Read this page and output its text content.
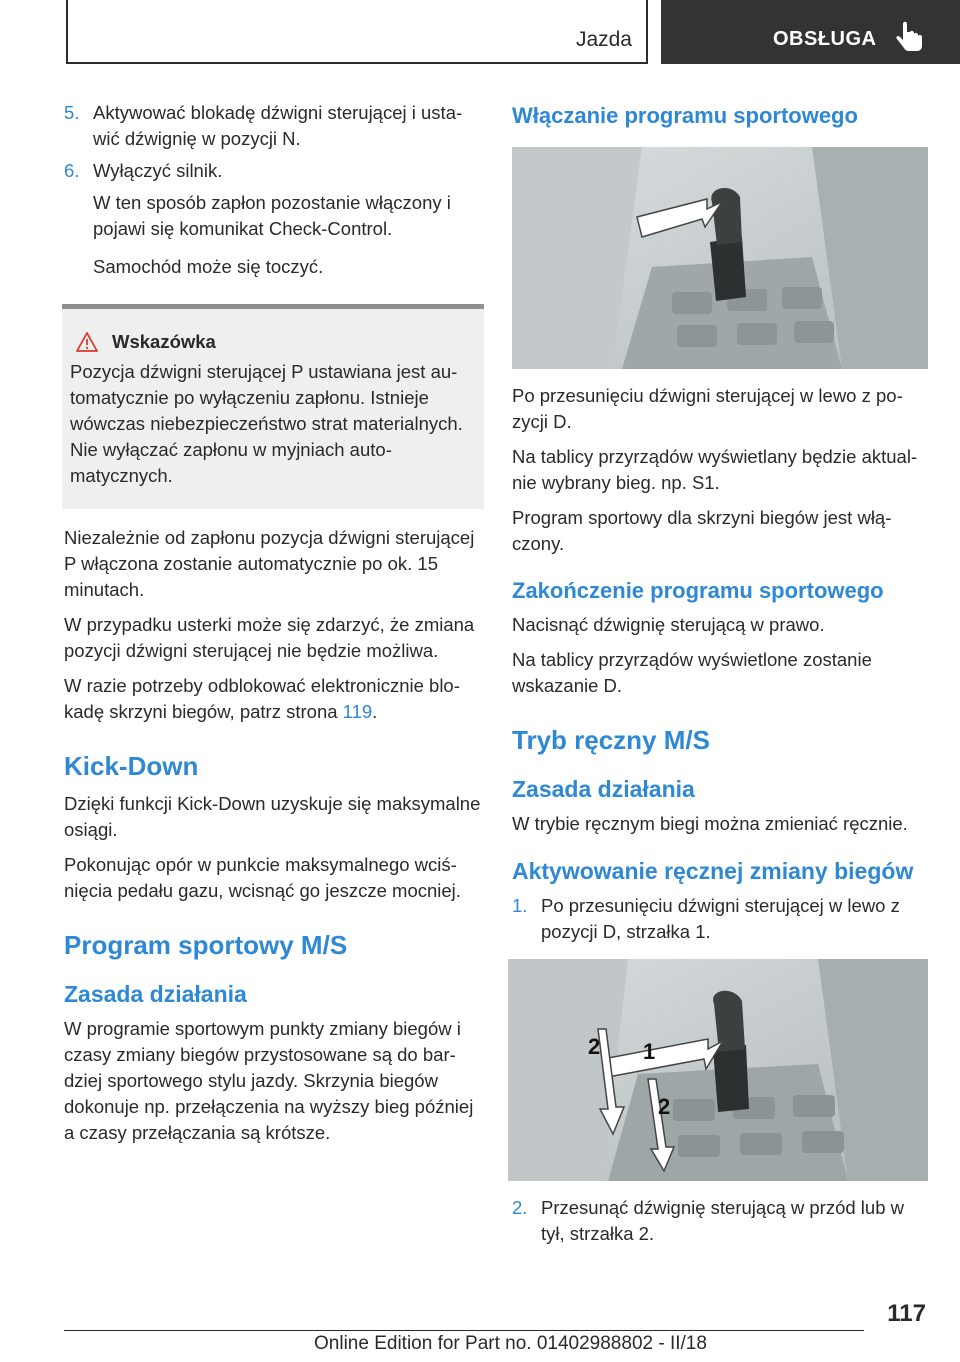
Jazda	OBSŁUGA
5. Aktywować blokadę dźwigni sterującej i ustawić dźwignię w pozycji N.
6. Wyłączyć silnik.
W ten sposób zapłon pozostanie włączony i pojawi się komunikat Check-Control.
Samochód może się toczyć.
Wskazówka

Pozycja dźwigni sterującej P ustawiana jest automatycznie po wyłączeniu zapłonu. Istnieje wówczas niebezpieczeństwo strat materialnych. Nie wyłączać zapłonu w myjniach automatycznych.

Niezależnie od zapłonu pozycja dźwigni sterującej P włączona zostanie automatycznie po ok. 15 minutach.

W przypadku usterki może się zdarzyć, że zmiana pozycji dźwigni sterującej nie będzie możliwa.

W razie potrzeby odblokować elektronicznie blokadę skrzyni biegów, patrz strona 119.

Kick-Down

Dzięki funkcji Kick-Down uzyskuje się maksymalne osiągi.

Pokonując opór w punkcie maksymalnego wciśnięcia pedału gazu, wcisnąć go jeszcze mocniej.

Program sportowy M/S
Zasada działania

W programie sportowym punkty zmiany biegów i czasy zmiany biegów przystosowane są do bardziej sportowego stylu jazdy. Skrzynia biegów dokonuje np. przełączenia na wyższy bieg później a czasy przełączania są krótsze.

Włączanie programu sportowego

Po przesunięciu dźwigni sterującej w lewo z pozycji D.

Na tablicy przyrządów wyświetlany będzie aktualnie wybrany bieg. np. S1.

Program sportowy dla skrzyni biegów jest włączony.

Zakończenie programu sportowego

Nacisnąć dźwignię sterującą w prawo.

Na tablicy przyrządów wyświetlone zostanie wskazanie D.

Tryb ręczny M/S
Zasada działania

W trybie ręcznym biegi można zmieniać ręcznie.

Aktywowanie ręcznej zmiany biegów
1. Po przesunięciu dźwigni sterującej w lewo z pozycji D, strzałka 1.
2 1
2
2. Przesunąć dźwignię sterującą w przód lub w tył, strzałka 2.
117
Online Edition for Part no. 01402988802 - II/18
